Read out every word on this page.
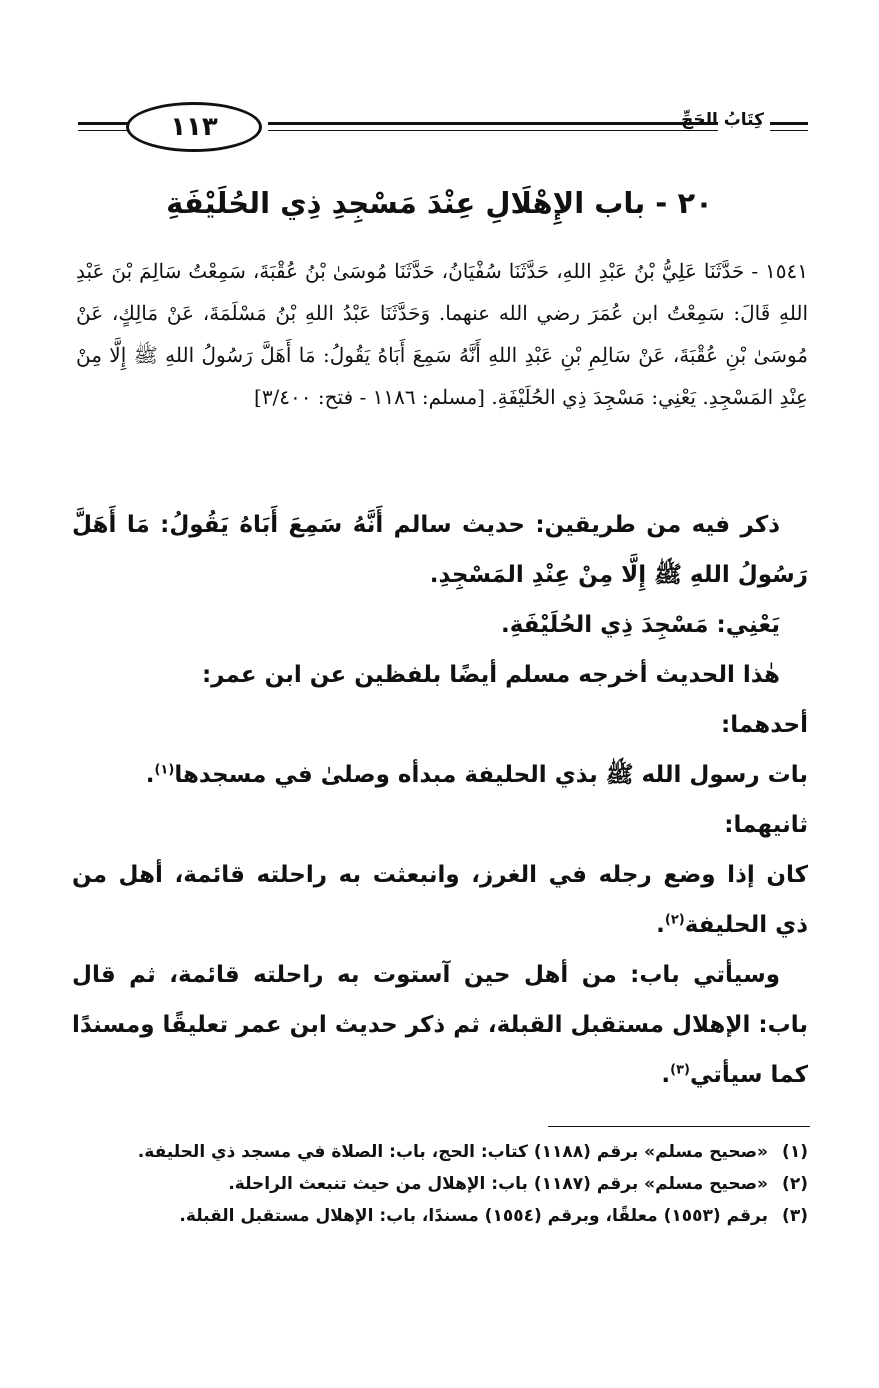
١١٣	كِتَابُ الحَجِّ
٢٠ - باب الإِهْلَالِ عِنْدَ مَسْجِدِ ذِي الحُلَيْفَةِ
١٥٤١ - حَدَّثَنَا عَلِيُّ بْنُ عَبْدِ اللهِ، حَدَّثَنَا سُفْيَانُ، حَدَّثَنَا مُوسَىٰ بْنُ عُقْبَةَ، سَمِعْتُ سَالِمَ بْنَ عَبْدِ اللهِ قَالَ: سَمِعْتُ ابن عُمَرَ رضي الله عنهما. وَحَدَّثَنَا عَبْدُ اللهِ بْنُ مَسْلَمَةَ، عَنْ مَالِكٍ، عَنْ مُوسَىٰ بْنِ عُقْبَةَ، عَنْ سَالِمِ بْنِ عَبْدِ اللهِ أَنَّهُ سَمِعَ أَبَاهُ يَقُولُ: مَا أَهَلَّ رَسُولُ اللهِ ﷺ إِلَّا مِنْ عِنْدِ المَسْجِدِ. يَعْنِي: مَسْجِدَ ذِي الحُلَيْفَةِ. [مسلم: ١١٨٦ - فتح: ٣/٤٠٠]

ذكر فيه من طريقين: حديث سالم أَنَّهُ سَمِعَ أَبَاهُ يَقُولُ: مَا أَهَلَّ رَسُولُ اللهِ ﷺ إِلَّا مِنْ عِنْدِ المَسْجِدِ.

يَعْنِي: مَسْجِدَ ذِي الحُلَيْفَةِ.

هٰذا الحديث أخرجه مسلم أيضًا بلفظين عن ابن عمر:

أحدهما:

بات رسول الله ﷺ بذي الحليفة مبدأه وصلىٰ في مسجدها$^{(١)}$.

ثانيهما:

كان إذا وضع رجله في الغرز، وانبعثت به راحلته قائمة، أهل من ذي الحليفة$^{(٢)}$.

وسيأتي باب: من أهل حين آستوت به راحلته قائمة، ثم قال باب: الإهلال مستقبل القبلة، ثم ذكر حديث ابن عمر تعليقًا ومسندًا كما سيأتي$^{(٣)}$.

(١)
«صحيح مسلم» برقم (١١٨٨) كتاب: الحج، باب: الصلاة في مسجد ذي الحليفة.
(٢)
«صحيح مسلم» برقم (١١٨٧) باب: الإهلال من حيث تنبعث الراحلة.
(٣)
برقم (١٥٥٣) معلقًا، وبرقم (١٥٥٤) مسندًا، باب: الإهلال مستقبل القبلة.
